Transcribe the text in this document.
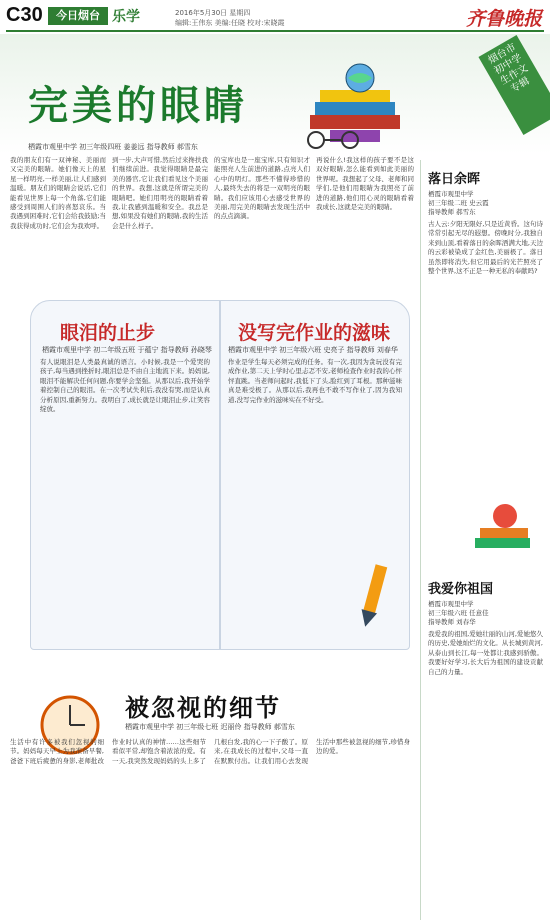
C30	今日烟台 乐学	2016年5月30日 星期四
编辑:王伟东 美编:任晓 校对:宋晓霞	齐鲁晚报
烟台市初中学生作文专辑
完美的眼睛
栖霞市观里中学 初三年级四班 姜姜远 指导教师 郝雪东
我的朋友们有一双神秘、美丽而又完美的眼睛。她们像天上的星星一样明亮,一样美丽,让人们感到温暖。朋友们的眼睛会说话,它们能看见世界上每一个角落,它们能感受到周围人们的喜怒哀乐。当我遇到困难时,它们会给我鼓励;当我获得成功时,它们会为我欢呼。
到一步,大声可惜,然后过来搀扶我们继续前进。我觉得眼睛是最完美的器官,它让我们看见这个美丽的世界。我想,这就是所谓完美的眼睛吧。她们用明亮的眼睛看着我,让我感到温暖和安全。我总是想,如果没有她们的眼睛,我的生活会是什么样子。
的宝库也是一座宝库,只有知识才能照亮人生前进的道路,点亮人们心中的明灯。那些不懂得珍惜的人,最终失去的将是一双明亮的眼睛。我们应该用心去感受世界的美丽,用完美的眼睛去发现生活中的点点滴滴。
再说什么!我这样的孩子要不是这双好眼睛,怎么能看到如此美丽的世界呢。我想起了父母、老师和同学们,是他们用眼睛为我照亮了前进的道路,他们用心灵的眼睛看着我成长,这就是完美的眼睛。
眼泪的止步
栖霞市观里中学 初二年级五班 于蕴宁 指导教师 孙晓琴
有人说眼泪是人类最真诚的语言。小时候,我是一个爱哭的孩子,每当遇到挫折时,眼泪总是不由自主地流下来。妈妈说,眼泪不能解决任何问题,你要学会坚强。从那以后,我开始学着控制自己的眼泪。在一次考试失利后,我没有哭,而是认真分析原因,重新努力。我明白了,成长就是让眼泪止步,让笑容绽放。
没写完作业的滋味
栖霞市观里中学 初三年级六班 史亮子 指导教师 刘春华
作业是学生每天必须完成的任务。有一次,我因为贪玩没有完成作业,第二天上学时心里忐忑不安,老师检查作业时我的心怦怦直跳。当老师问起时,我低下了头,脸红到了耳根。那种滋味真是难受极了。从那以后,我再也不敢不写作业了,因为我知道,没写完作业的滋味实在不好受。
被忽视的细节
栖霞市观里中学 初三年级七班 迟丽伶 指导教师 郝雪东
生活中有许多被我们忽视的细节。妈妈每天早上为我准备早餐,爸爸下班后疲惫的身影,老师批改作业时认真的神情……这些细节看似平常,却饱含着浓浓的爱。有一天,我突然发现妈妈的头上多了几根白发,我的心一下子酸了。原来,在我成长的过程中,父母一直在默默付出。让我们用心去发现生活中那些被忽视的细节,珍惜身边的爱。
落日余晖
栖霞市观里中学
初三年级二班 史云霞
指导教师 郝雪东
古人云:夕阳无限好,只是近黄昏。这句诗常常引起无尽的遐想。傍晚时分,我独自来到山顶,看着落日的余晖洒满大地,天边的云彩被染成了金红色,美丽极了。落日虽然即将消失,但它用最后的光芒照亮了整个世界,这不正是一种无私的奉献吗?
我爱你祖国
栖霞市观里中学
初三年级六班 任意佳
指导教师 刘春华
我爱我的祖国,爱她壮丽的山河,爱她悠久的历史,爱她灿烂的文化。从长城到黄河,从泰山到长江,每一处都让我感到骄傲。我要好好学习,长大后为祖国的建设贡献自己的力量。
